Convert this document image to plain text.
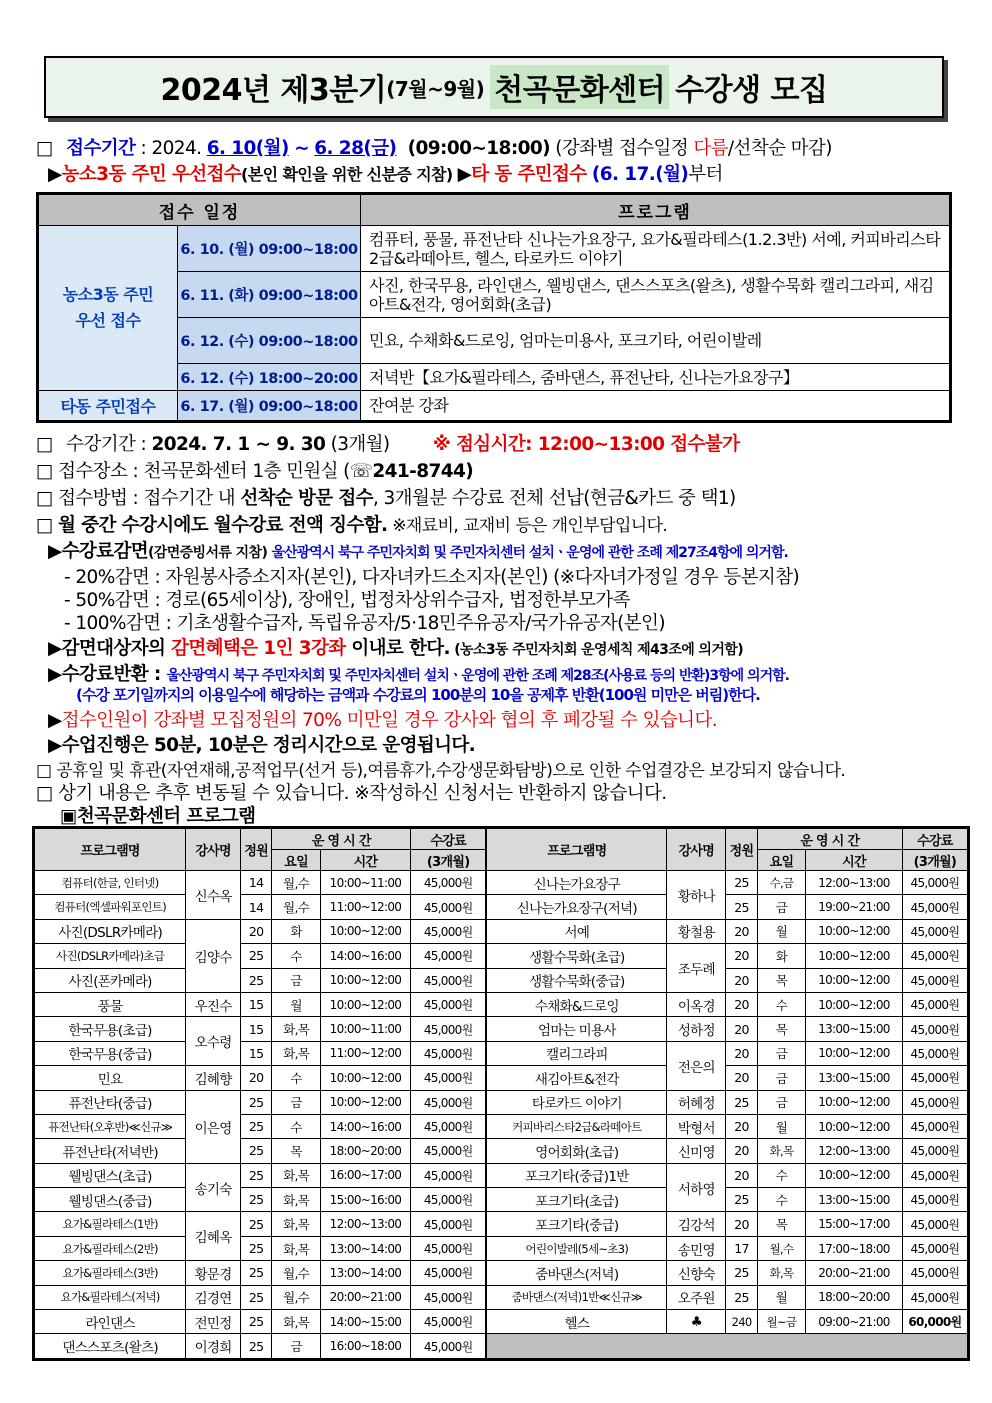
2024년 제3분기 (7월~9월) 천곡문화센터 수강생 모집
□ 접수기간 : 2024. 6. 10(월) ~ 6. 28(금) (09:00~18:00) (강좌별 접수일정 다름/선착순 마감)
▶농소3동 주민 우선접수(본인 확인을 위한 신분증 지참) ▶타 동 주민접수 (6. 17.(월)부터
접수 일정		프로그램
농소3동 주민
우선 접수	6. 10. (월) 09:00~18:00	컴퓨터, 풍물, 퓨전난타 신나는가요장구, 요가&필라테스(1.2.3반) 서예, 커피바리스타2급&라떼아트, 헬스, 타로카드 이야기
	6. 11. (화) 09:00~18:00	사진, 한국무용, 라인댄스, 웰빙댄스, 댄스스포츠(왈츠), 생활수묵화 캘리그라피, 새김아트&전각, 영어회화(초급)
	6. 12. (수) 09:00~18:00	민요, 수채화&드로잉, 엄마는미용사, 포크기타, 어린이발레
	6. 12. (수) 18:00~20:00	저녁반【요가&필라테스, 줌바댄스, 퓨전난타, 신나는가요장구】
타동 주민접수	6. 17. (월) 09:00~18:00	잔여분 강좌
□ 수강기간 : 2024. 7. 1 ~ 9. 30 (3개월) ※ 점심시간: 12:00~13:00 접수불가
□ 접수장소 : 천곡문화센터 1층 민원실 (☏241-8744)
□ 접수방법 : 접수기간 내 선착순 방문 접수, 3개월분 수강료 전체 선납(현금&카드 중 택1)
□ 월 중간 수강시에도 월수강료 전액 징수함. ※재료비, 교재비 등은 개인부담입니다.
▶수강료감면(감면증빙서류 지참) 울산광역시 북구 주민자치회 및 주민자치센터 설치ㆍ운영에 관한 조례 제27조4항에 의거함.
- 20%감면 : 자원봉사증소지자(본인), 다자녀카드소지자(본인) (※다자녀가정일 경우 등본지참)
- 50%감면 : 경로(65세이상), 장애인, 법정차상위수급자, 법정한부모가족
- 100%감면 : 기초생활수급자, 독립유공자/5·18민주유공자/국가유공자(본인)
▶감면대상자의 감면혜택은 1인 3강좌 이내로 한다. (농소3동 주민자치회 운영세칙 제43조에 의거함)
▶수강료반환 : 울산광역시 북구 주민자치회 및 주민자치센터 설치ㆍ운영에 관한 조례 제28조(사용료 등의 반환)3항에 의거함.
(수강 포기일까지의 이용일수에 해당하는 금액과 수강료의 100분의 10을 공제후 반환(100원 미만은 버림)한다.
▶접수인원이 강좌별 모집정원의 70% 미만일 경우 강사와 협의 후 폐강될 수 있습니다.
▶수업진행은 50분, 10분은 정리시간으로 운영됩니다.
□ 공휴일 및 휴관(자연재해,공적업무(선거 등),여름휴가,수강생문화탐방)으로 인한 수업결강은 보강되지 않습니다.
□ 상기 내용은 추후 변동될 수 있습니다. ※작성하신 신청서는 반환하지 않습니다.
▣천곡문화센터 프로그램
프로그램명	강사명	정원	운 영 시 간		수강료	프로그램명	강사명	정원	운 영 시 간		수강료
			요일	시간	(3개월)				요일	시간	(3개월)
컴퓨터(한글, 인터넷)	신수옥	14	월,수	10:00~11:00	45,000원	신나는가요장구	황하나	25	수,금	12:00~13:00	45,000원
컴퓨터(엑셀파워포인트)		14	월,수	11:00~12:00	45,000원	신나는가요장구(저녁)		25	금	19:00~21:00	45,000원
사진(DSLR카메라)	김양수	20	화	10:00~12:00	45,000원	서예	황철용	20	월	10:00~12:00	45,000원
사진(DSLR카메라)초급		25	수	14:00~16:00	45,000원	생활수묵화(초급)	조두례	20	화	10:00~12:00	45,000원
사진(폰카메라)		25	금	10:00~12:00	45,000원	생활수묵화(중급)		20	목	10:00~12:00	45,000원
풍물	우진수	15	월	10:00~12:00	45,000원	수채화&드로잉	이옥경	20	수	10:00~12:00	45,000원
한국무용(초급)	오수령	15	화,목	10:00~11:00	45,000원	엄마는 미용사	성하정	20	목	13:00~15:00	45,000원
한국무용(중급)		15	화,목	11:00~12:00	45,000원	캘리그라피	전은의	20	금	10:00~12:00	45,000원
민요	김혜향	20	수	10:00~12:00	45,000원	새김아트&전각		20	금	13:00~15:00	45,000원
퓨전난타(중급)	이은영	25	금	10:00~12:00	45,000원	타로카드 이야기	허혜정	25	금	10:00~12:00	45,000원
퓨전난타(오후반)≪신규≫		25	수	14:00~16:00	45,000원	커피바리스타2급&라떼아트	박형서	20	월	10:00~12:00	45,000원
퓨전난타(저녁반)		25	목	18:00~20:00	45,000원	영어회화(초급)	신미영	20	화,목	12:00~13:00	45,000원
웰빙댄스(초급)	송기숙	25	화,목	16:00~17:00	45,000원	포크기타(중급)1반	서하영	20	수	10:00~12:00	45,000원
웰빙댄스(중급)		25	화,목	15:00~16:00	45,000원	포크기타(초급)		25	수	13:00~15:00	45,000원
요가&필라테스(1반)	김혜옥	25	화,목	12:00~13:00	45,000원	포크기타(중급)	김강석	20	목	15:00~17:00	45,000원
요가&필라테스(2반)		25	화,목	13:00~14:00	45,000원	어린이발레(5세~초3)	송민영	17	월,수	17:00~18:00	45,000원
요가&필라테스(3반)	황문경	25	월,수	13:00~14:00	45,000원	줌바댄스(저녁)	신향숙	25	화,목	20:00~21:00	45,000원
요가&필라테스(저녁)	김경연	25	월,수	20:00~21:00	45,000원	줌바댄스(저녁)1반≪신규≫	오주원	25	월	18:00~20:00	45,000원
라인댄스	전민정	25	화,목	14:00~15:00	45,000원	헬스	♣	240	월~금	09:00~21:00	60,000원
댄스스포츠(왈츠)	이경희	25	금	16:00~18:00	45,000원						
